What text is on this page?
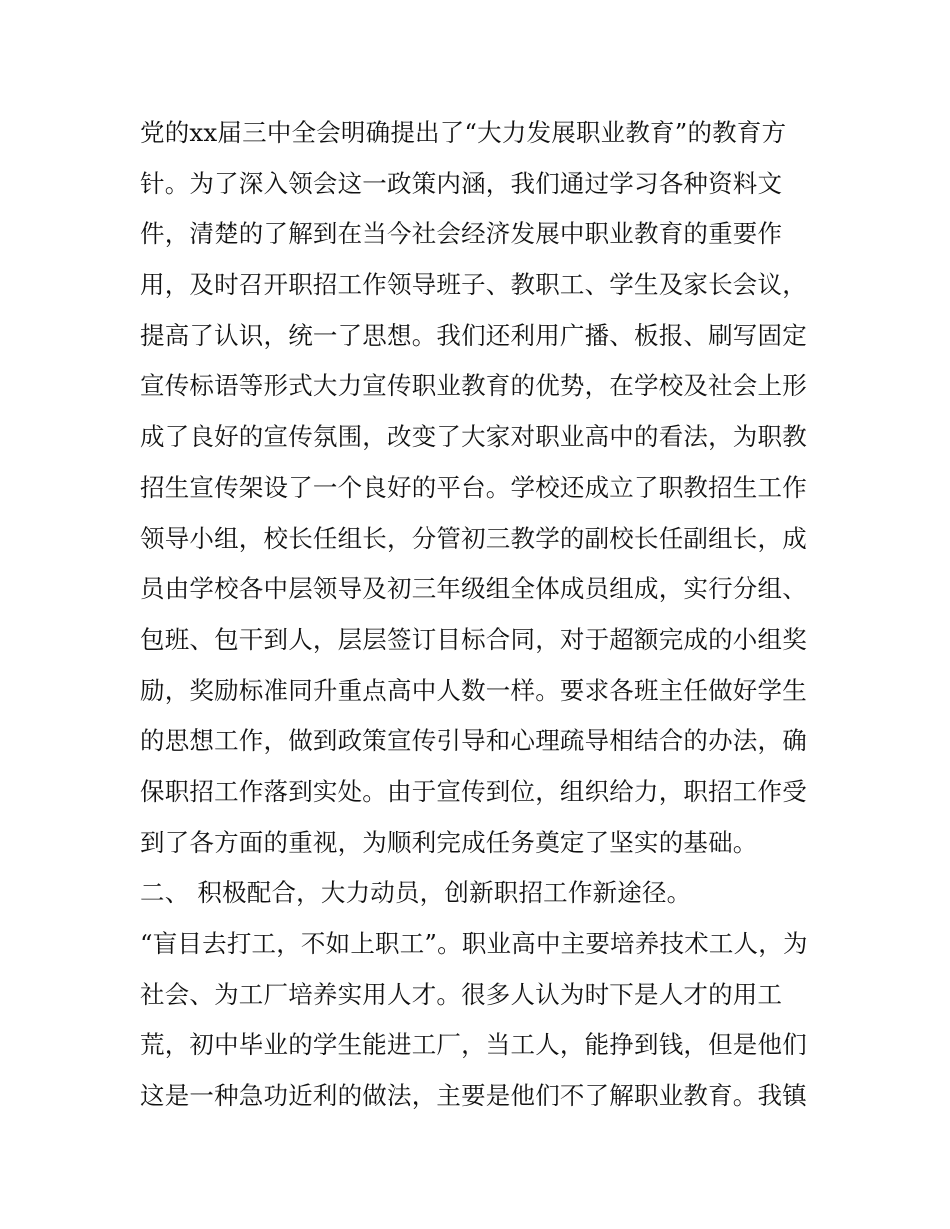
党的xx届三中全会明确提出了“大力发展职业教育”的教育方
针。为了深入领会这一政策内涵，我们通过学习各种资料文
件，清楚的了解到在当今社会经济发展中职业教育的重要作
用，及时召开职招工作领导班子、教职工、学生及家长会议，
提高了认识，统一了思想。我们还利用广播、板报、刷写固定
宣传标语等形式大力宣传职业教育的优势，在学校及社会上形
成了良好的宣传氛围，改变了大家对职业高中的看法，为职教
招生宣传架设了一个良好的平台。学校还成立了职教招生工作
领导小组，校长任组长，分管初三教学的副校长任副组长，成
员由学校各中层领导及初三年级组全体成员组成，实行分组、
包班、包干到人，层层签订目标合同，对于超额完成的小组奖
励，奖励标准同升重点高中人数一样。要求各班主任做好学生
的思想工作，做到政策宣传引导和心理疏导相结合的办法，确
保职招工作落到实处。由于宣传到位，组织给力，职招工作受
到了各方面的重视，为顺利完成任务奠定了坚实的基础。
二、 积极配合，大力动员，创新职招工作新途径。
“盲目去打工，不如上职工”。职业高中主要培养技术工人，为
社会、为工厂培养实用人才。很多人认为时下是人才的用工
荒，初中毕业的学生能进工厂，当工人，能挣到钱，但是他们
这是一种急功近利的做法，主要是他们不了解职业教育。我镇
